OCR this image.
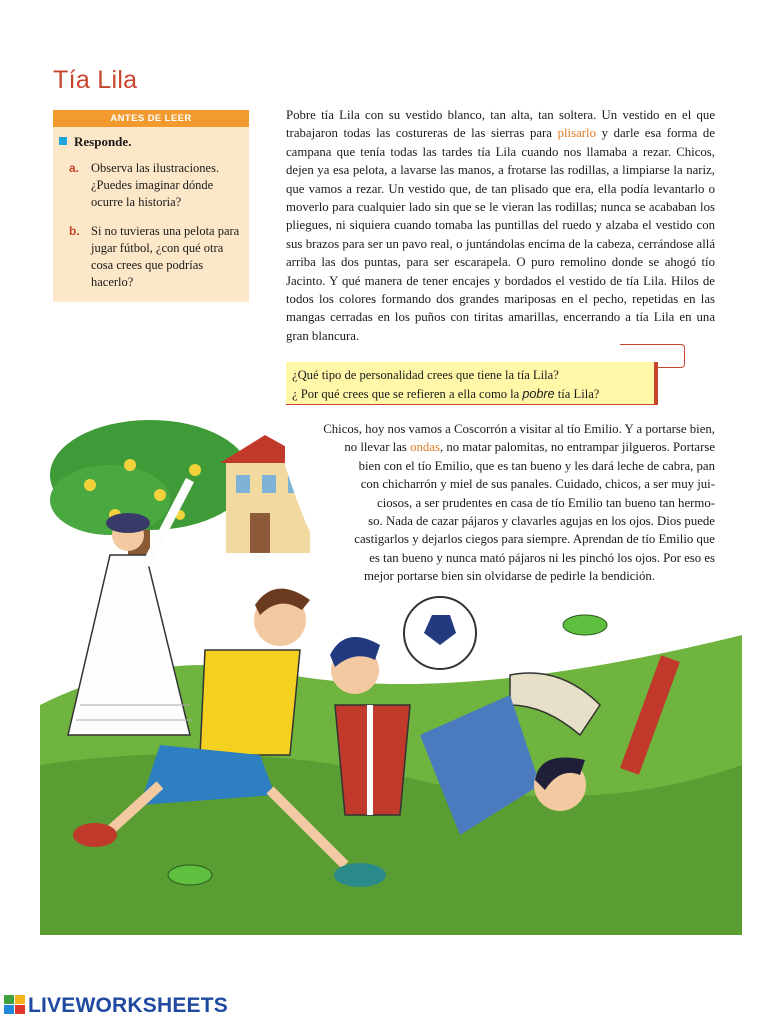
Tía Lila
ANTES DE LEER
Responde.
a. Observa las ilustraciones. ¿Puedes imaginar dónde ocurre la historia?
b. Si no tuvieras una pelota para jugar fútbol, ¿con qué otra cosa crees que podrías hacerlo?
Pobre tía Lila con su vestido blanco, tan alta, tan soltera. Un vestido en el que trabajaron todas las costureras de las sierras para plisarlo y darle esa forma de campana que tenía todas las tardes tía Lila cuando nos llamaba a rezar. Chicos, dejen ya esa pelota, a lavarse las manos, a frotarse las rodillas, a limpiarse la nariz, que vamos a rezar. Un vestido que, de tan plisado que era, ella podía levantarlo o moverlo para cualquier lado sin que se le vieran las rodillas; nunca se acababan los pliegues, ni siquiera cuando tomaba las puntillas del ruedo y alzaba el vestido con sus brazos para ser un pavo real, o juntándolas encima de la cabeza, cerrándose allá arriba las dos puntas, para ser escarapela. O puro remolino donde se ahogó tío Jacinto. Y qué manera de tener encajes y bordados el vestido de tía Lila. Hilos de todos los colores formando dos grandes mariposas en el pecho, repetidas en las mangas cerradas en los puños con tiritas amarillas, encerrando a tía Lila en una gran blancura.
¿Qué tipo de personalidad crees que tiene la tía Lila?
¿ Por qué crees que se refieren a ella como la pobre tía Lila?
Chicos, hoy nos vamos a Coscorrón a visitar al tío Emilio. Y a portarse bien,
no llevar las ondas, no matar palomitas, no entrampar jilgueros. Portarse
bien con el tío Emilio, que es tan bueno y les dará leche de cabra, pan
con chicharrón y miel de sus panales. Cuidado, chicos, a ser muy jui-
ciosos, a ser prudentes en casa de tío Emilio tan bueno tan hermo-
so. Nada de cazar pájaros y clavarles agujas en los ojos. Dios puede
castigarlos y dejarlos ciegos para siempre. Aprendan de tío Emilio que
es tan bueno y nunca mató pájaros ni les pinchó los ojos. Por eso es
mejor portarse bien sin olvidarse de pedirle la bendición.
LIVEWORKSHEETS
